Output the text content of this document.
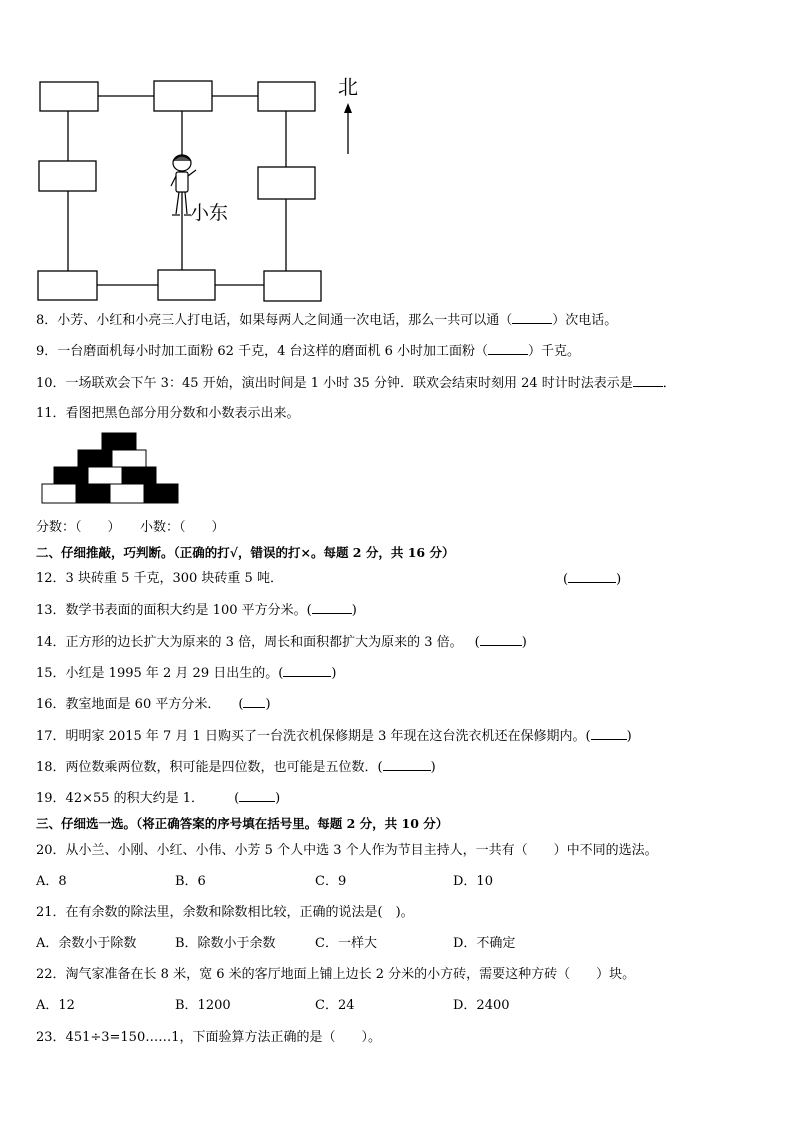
北
小东
8．小芳、小红和小亮三人打电话，如果每两人之间通一次电话，那么一共可以通（	）次电话。
9．一台磨面机每小时加工面粉 62 千克，4 台这样的磨面机 6 小时加工面粉（	）千克。
10．一场联欢会下午 3：45 开始，演出时间是 1 小时 35 分钟．联欢会结束时刻用 24 时计时法表示是 ．
11．看图把黑色部分用分数和小数表示出来。
分数：（　　）　　小数：（　　）
二、仔细推敲，巧判断。（正确的打√，错误的打×。每题 2 分，共 16 分）
12．3 块砖重 5 千克，300 块砖重 5 吨．	(	)
13．数学书表面的面积大约是 100 平方分米。(	)
14．正方形的边长扩大为原来的 3 倍，周长和面积都扩大为原来的 3 倍。 (	)
15．小红是 1995 年 2 月 29 日出生的。(	)
16．教室地面是 60 平方分米． ( )
17．明明家 2015 年 7 月 1 日购买了一台洗衣机保修期是 3 年现在这台洗衣机还在保修期内。(	)
18．两位数乘两位数，积可能是四位数，也可能是五位数．(	)
19．42×55 的积大约是 1． (	)
三、仔细选一选。（将正确答案的序号填在括号里。每题 2 分，共 10 分）
20．从小兰、小刚、小红、小伟、小芳 5 个人中选 3 个人作为节目主持人，一共有（　　）中不同的选法。
A．8	B．6	C．9	D．10
21．在有余数的除法里，余数和除数相比较，正确的说法是(　)。
A．余数小于除数	B．除数小于余数	C．一样大	D．不确定
22．淘气家准备在长 8 米，宽 6 米的客厅地面上铺上边长 2 分米的小方砖，需要这种方砖（　　）块。
A．12	B．1200	C．24	D．2400
23．451÷3=150……1，下面验算方法正确的是（　　）。
